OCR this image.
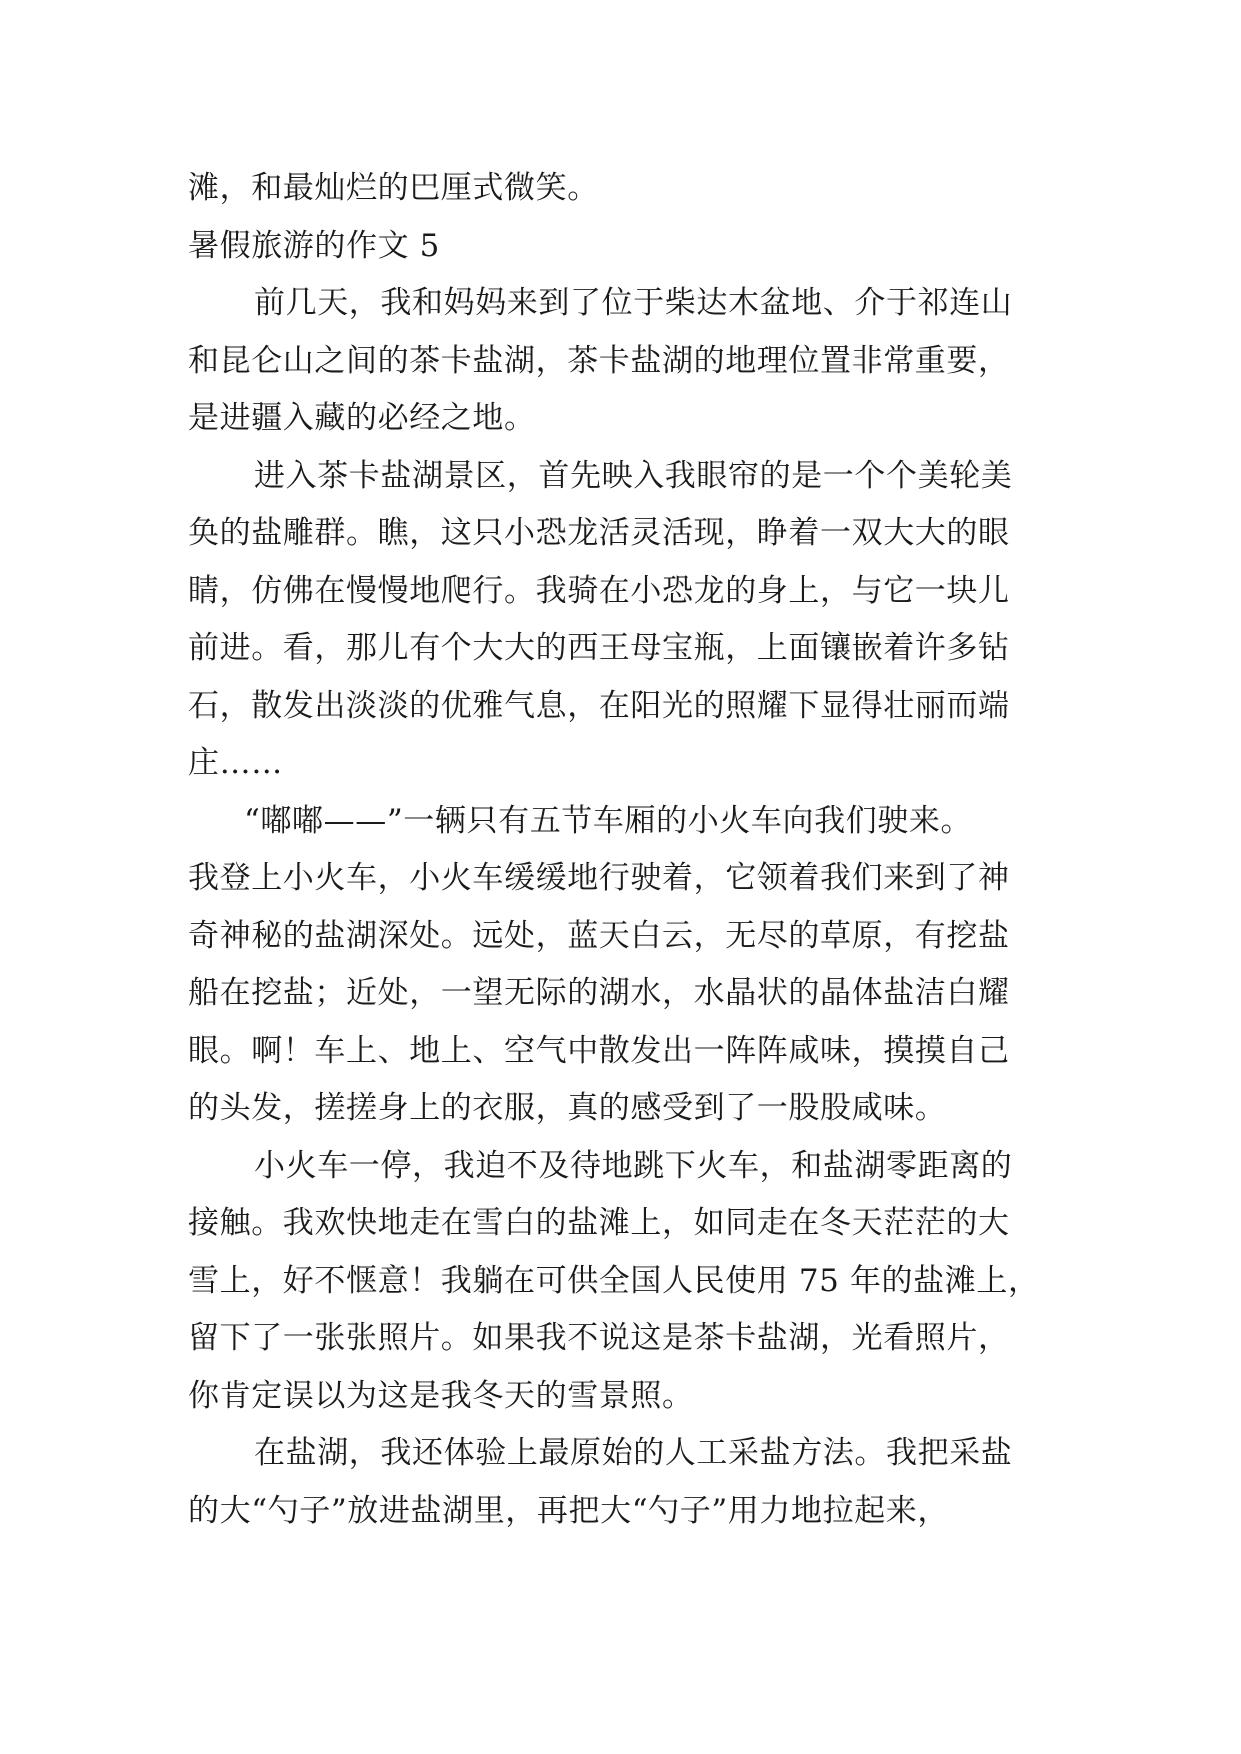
滩，和最灿烂的巴厘式微笑。
暑假旅游的作文 5
前几天，我和妈妈来到了位于柴达木盆地、介于祁连山
和昆仑山之间的茶卡盐湖，茶卡盐湖的地理位置非常重要，
是进疆入藏的必经之地。
进入茶卡盐湖景区，首先映入我眼帘的是一个个美轮美
奂的盐雕群。瞧，这只小恐龙活灵活现，睁着一双大大的眼
睛，仿佛在慢慢地爬行。我骑在小恐龙的身上，与它一块儿
前进。看，那儿有个大大的西王母宝瓶，上面镶嵌着许多钻
石，散发出淡淡的优雅气息，在阳光的照耀下显得壮丽而端
庄……
“嘟嘟——”一辆只有五节车厢的小火车向我们驶来。
我登上小火车，小火车缓缓地行驶着，它领着我们来到了神
奇神秘的盐湖深处。远处，蓝天白云，无尽的草原，有挖盐
船在挖盐；近处，一望无际的湖水，水晶状的晶体盐洁白耀
眼。啊！车上、地上、空气中散发出一阵阵咸味，摸摸自己
的头发，搓搓身上的衣服，真的感受到了一股股咸味。
小火车一停，我迫不及待地跳下火车，和盐湖零距离的
接触。我欢快地走在雪白的盐滩上，如同走在冬天茫茫的大
雪上，好不惬意！我躺在可供全国人民使用 75 年的盐滩上，
留下了一张张照片。如果我不说这是茶卡盐湖，光看照片，
你肯定误以为这是我冬天的雪景照。
在盐湖，我还体验上最原始的人工采盐方法。我把采盐
的大“勺子”放进盐湖里，再把大“勺子”用力地拉起来，
